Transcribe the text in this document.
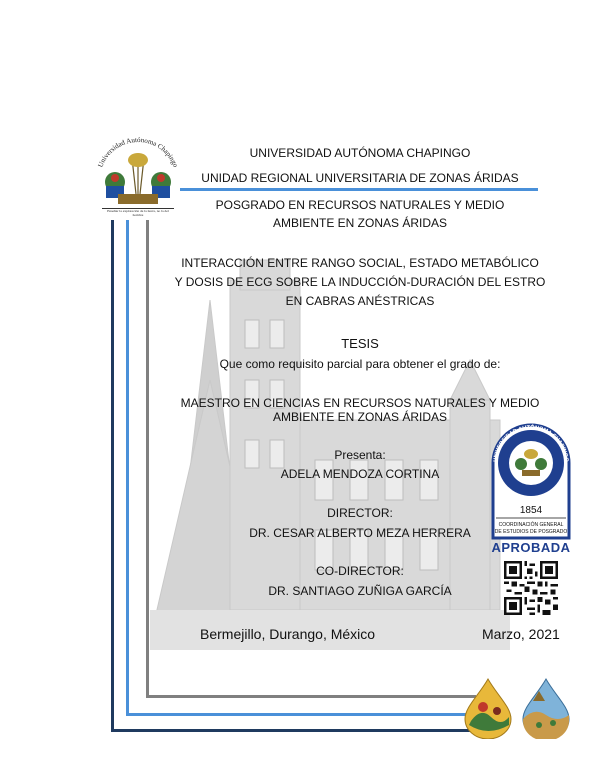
Universidad Autónoma Chapingo
Enseñar la explotación de la tierra, no la del hombre
UNIVERSIDAD AUTÓNOMA CHAPINGO
UNIDAD REGIONAL UNIVERSITARIA DE ZONAS ÁRIDAS
POSGRADO EN RECURSOS NATURALES Y MEDIO
AMBIENTE EN ZONAS ÁRIDAS
INTERACCIÓN ENTRE RANGO SOCIAL, ESTADO METABÓLICO
Y DOSIS DE ECG SOBRE LA INDUCCIÓN-DURACIÓN DEL ESTRO
EN CABRAS ANÉSTRICAS
TESIS
Que como requisito parcial para obtener el grado de:
MAESTRO EN CIENCIAS EN RECURSOS NATURALES Y MEDIO
AMBIENTE EN ZONAS ÁRIDAS
Presenta:
ADELA MENDOZA CORTINA
DIRECTOR:
DR. CESAR ALBERTO MEZA HERRERA
CO-DIRECTOR:
DR. SANTIAGO ZUÑIGA GARCÍA
Bermejillo, Durango, México	Marzo, 2021
UNIVERSIDAD AUTÓNOMA CHAPINGO
1854
COORDINACIÓN GENERAL
DE ESTUDIOS DE POSGRADO
APROBADA
